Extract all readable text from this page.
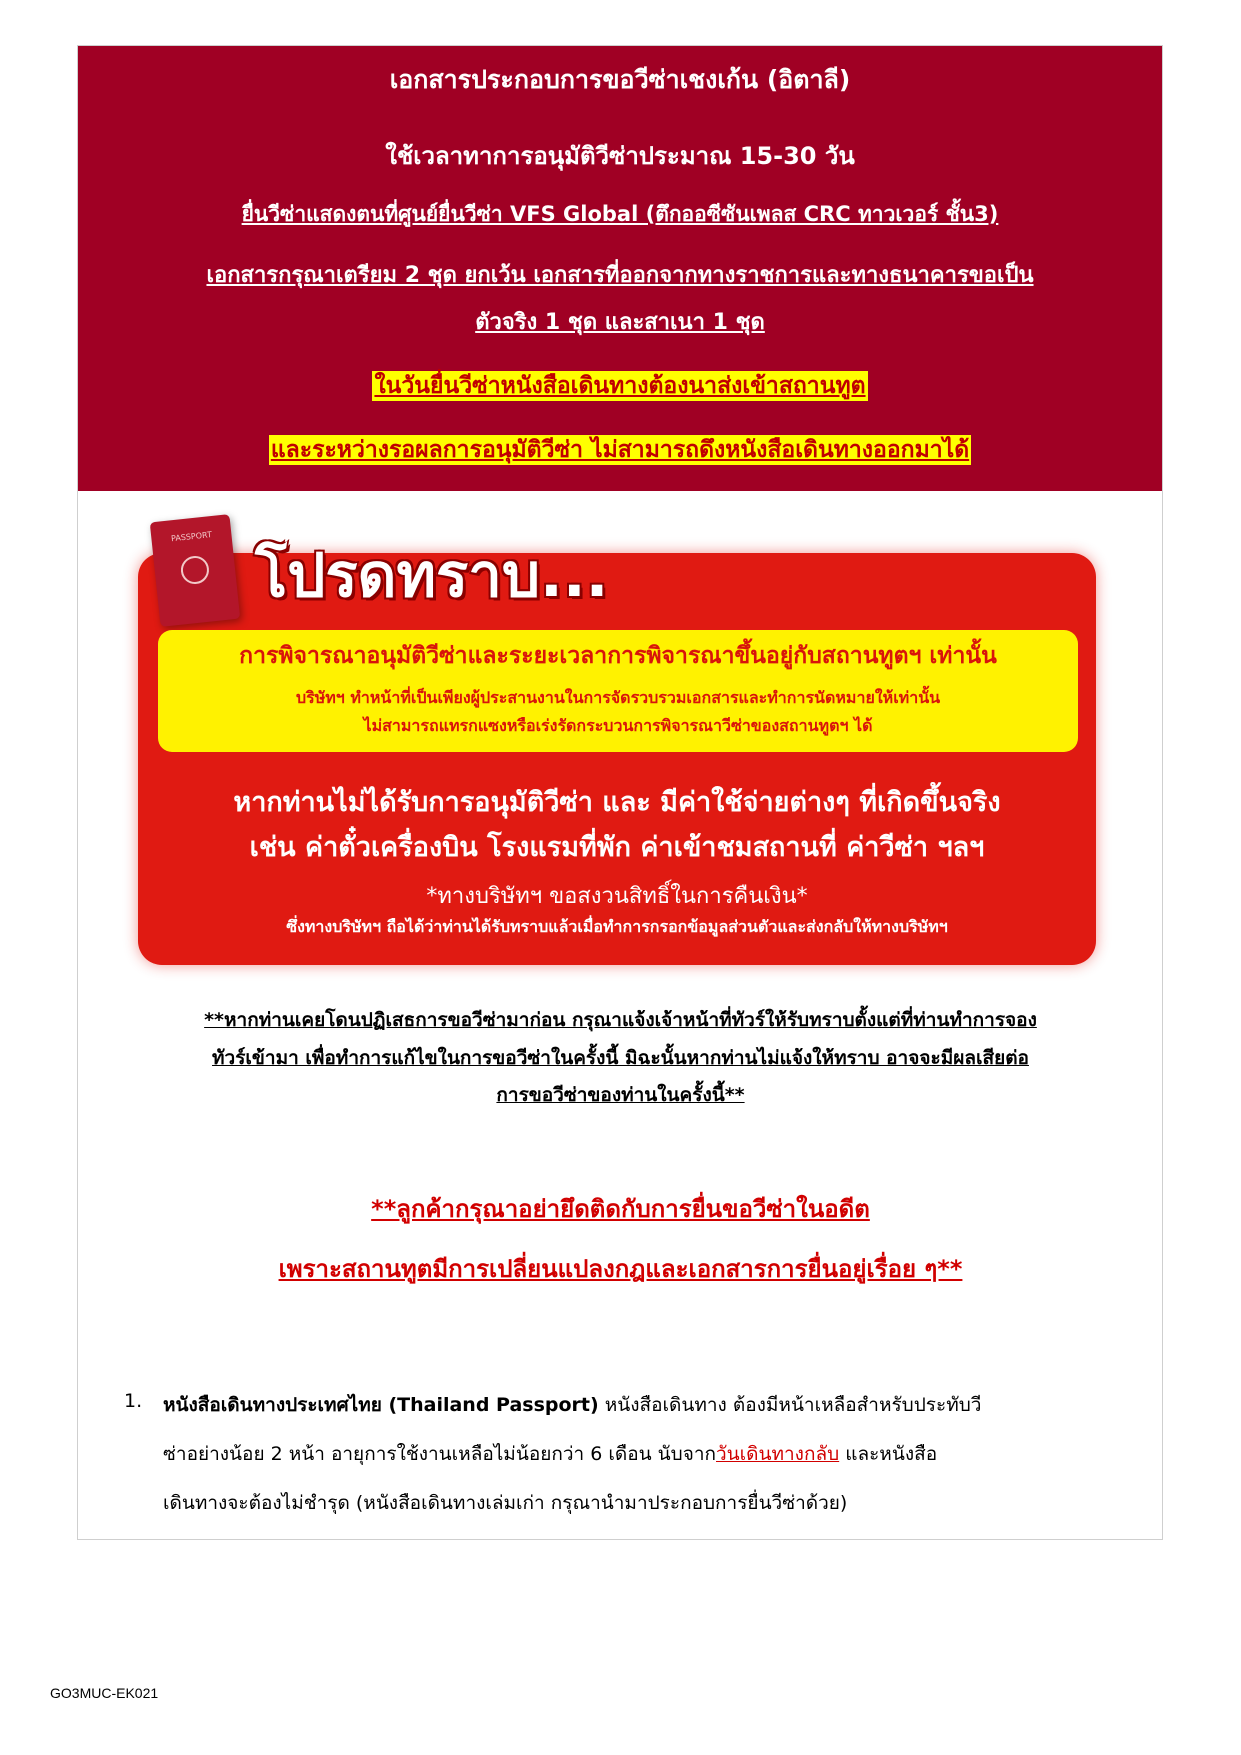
เอกสารประกอบการขอวีซ่าเชงเก้น (อิตาลี)
ใช้เวลาทาการอนุมัติวีซ่าประมาณ 15-30 วัน
ยื่นวีซ่าแสดงตนที่ศูนย์ยื่นวีซ่า VFS Global (ตึกออซีซันเพลส CRC ทาวเวอร์ ชั้น3)
เอกสารกรุณาเตรียม 2 ชุด ยกเว้น เอกสารที่ออกจากทางราชการและทางธนาคารขอเป็น
ตัวจริง 1 ชุด และสาเนา 1 ชุด
ในวันยื่นวีซ่าหนังสือเดินทางต้องนาส่งเข้าสถานทูต
และระหว่างรอผลการอนุมัติวีซ่า ไม่สามารถดึงหนังสือเดินทางออกมาได้
PASSPORT
โปรดทราบ...
การพิจารณาอนุมัติวีซ่าและระยะเวลาการพิจารณาขึ้นอยู่กับสถานทูตฯ เท่านั้น
บริษัทฯ ทำหน้าที่เป็นเพียงผู้ประสานงานในการจัดรวบรวมเอกสารและทำการนัดหมายให้เท่านั้น
ไม่สามารถแทรกแซงหรือเร่งรัดกระบวนการพิจารณาวีซ่าของสถานทูตฯ ได้
หากท่านไม่ได้รับการอนุมัติวีซ่า และ มีค่าใช้จ่ายต่างๆ ที่เกิดขึ้นจริง
เช่น ค่าตั๋วเครื่องบิน โรงแรมที่พัก ค่าเข้าชมสถานที่ ค่าวีซ่า ฯลฯ
*ทางบริษัทฯ ขอสงวนสิทธิ์ในการคืนเงิน*
ซึ่งทางบริษัทฯ ถือได้ว่าท่านได้รับทราบแล้วเมื่อทำการกรอกข้อมูลส่วนตัวและส่งกลับให้ทางบริษัทฯ
**หากท่านเคยโดนปฏิเสธการขอวีซ่ามาก่อน กรุณาแจ้งเจ้าหน้าที่ทัวร์ให้รับทราบตั้งแต่ที่ท่านทำการจอง
ทัวร์เข้ามา เพื่อทำการแก้ไขในการขอวีซ่าในครั้งนี้ มิฉะนั้นหากท่านไม่แจ้งให้ทราบ อาจจะมีผลเสียต่อ
การขอวีซ่าของท่านในครั้งนี้**
**ลูกค้ากรุณาอย่ายึดติดกับการยื่นขอวีซ่าในอดีต
เพราะสถานทูตมีการเปลี่ยนแปลงกฎและเอกสารการยื่นอยู่เรื่อย ๆ**
1. หนังสือเดินทางประเทศไทย (Thailand Passport) หนังสือเดินทาง ต้องมีหน้าเหลือสำหรับประทับวี
ซ่าอย่างน้อย 2 หน้า อายุการใช้งานเหลือไม่น้อยกว่า 6 เดือน นับจากวันเดินทางกลับ และหนังสือ
เดินทางจะต้องไม่ชำรุด (หนังสือเดินทางเล่มเก่า กรุณานำมาประกอบการยื่นวีซ่าด้วย)
GO3MUC-EK021
